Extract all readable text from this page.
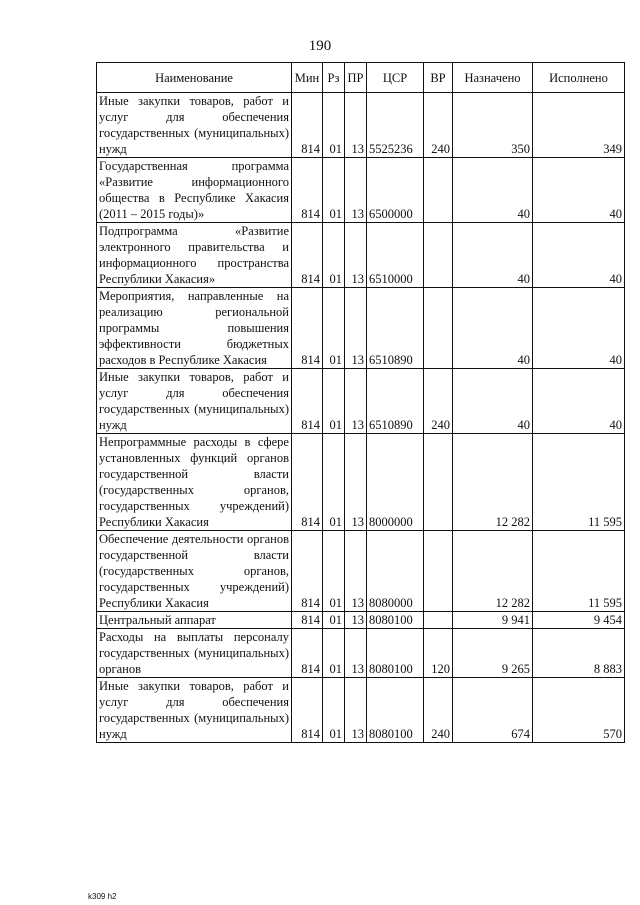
190
Наименование	Мин	Рз	ПР	ЦСР	ВР	Назначено	Исполнено
Иные закупки товаров, работ и услуг для обеспечения государственных (муниципальных) нужд	814	01	13	5525236	240	350	349
Государственная программа «Развитие информационного общества в Республике Хакасия (2011 – 2015 годы)»	814	01	13	6500000		40	40
Подпрограмма «Развитие электронного правительства и информационного пространства Республики Хакасия»	814	01	13	6510000		40	40
Мероприятия, направленные на реализацию региональной программы повышения эффективности бюджетных расходов в Республике Хакасия	814	01	13	6510890		40	40
Иные закупки товаров, работ и услуг для обеспечения государственных (муниципальных) нужд	814	01	13	6510890	240	40	40
Непрограммные расходы в сфере установленных функций органов государственной власти (государственных органов, государственных учреждений) Республики Хакасия	814	01	13	8000000		12 282	11 595
Обеспечение деятельности органов государственной власти (государственных органов, государственных учреждений) Республики Хакасия	814	01	13	8080000		12 282	11 595
Центральный аппарат	814	01	13	8080100		9 941	9 454
Расходы на выплаты персоналу государственных (муниципальных) органов	814	01	13	8080100	120	9 265	8 883
Иные закупки товаров, работ и услуг для обеспечения государственных (муниципальных) нужд	814	01	13	8080100	240	674	570
k309 h2
